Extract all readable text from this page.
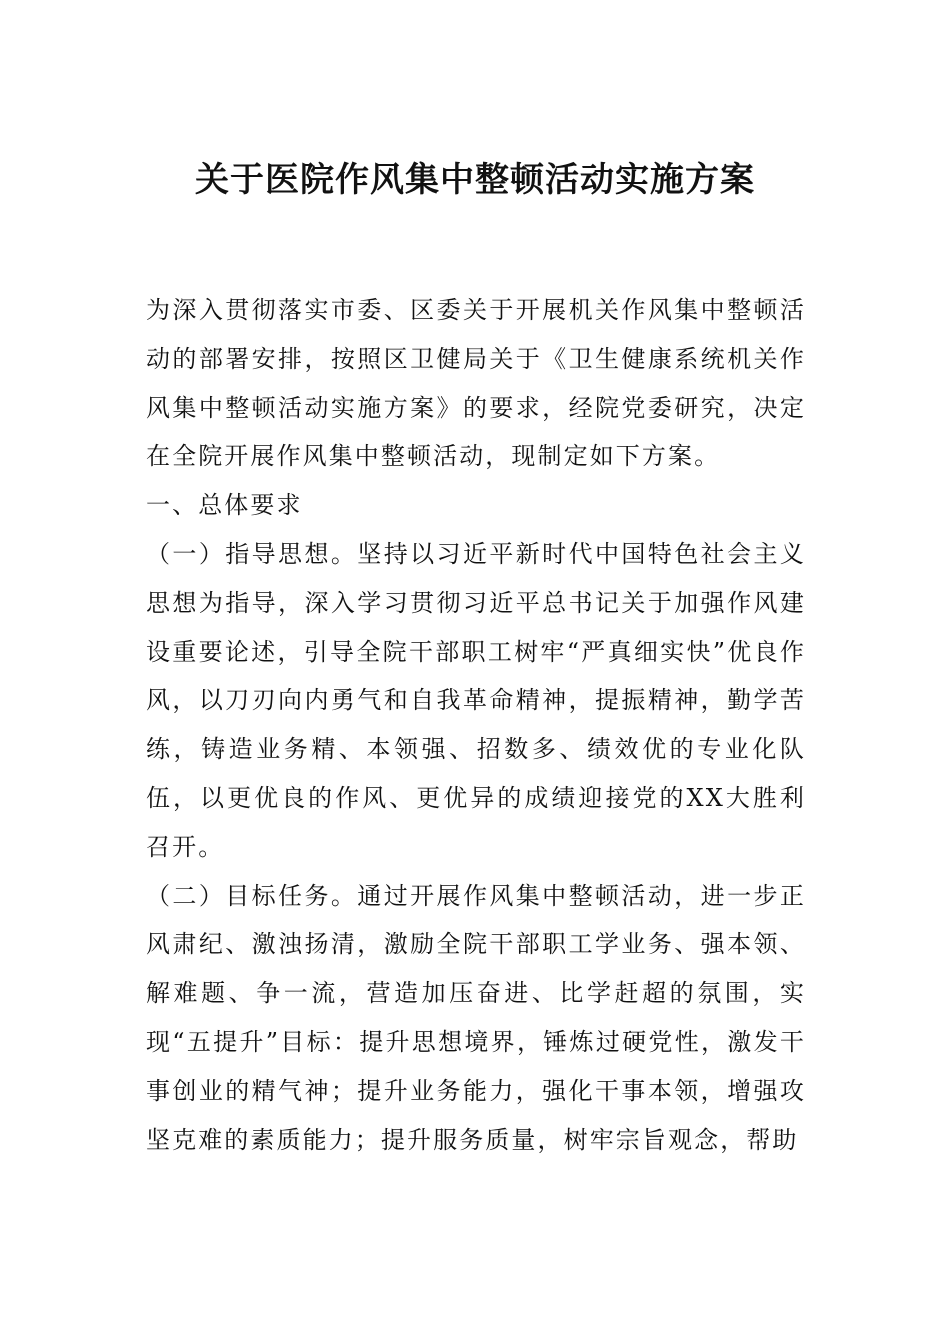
关于医院作风集中整顿活动实施方案

为深入贯彻落实市委、区委关于开展机关作风集中整顿活动的部署安排，按照区卫健局关于《卫生健康系统机关作风集中整顿活动实施方案》的要求，经院党委研究，决定在全院开展作风集中整顿活动，现制定如下方案。

一、总体要求

（一）指导思想。坚持以习近平新时代中国特色社会主义思想为指导，深入学习贯彻习近平总书记关于加强作风建设重要论述，引导全院干部职工树牢“严真细实快”优良作风，以刀刃向内勇气和自我革命精神，提振精神，勤学苦练，铸造业务精、本领强、招数多、绩效优的专业化队伍，以更优良的作风、更优异的成绩迎接党的XX大胜利召开。

（二）目标任务。通过开展作风集中整顿活动，进一步正风肃纪、激浊扬清，激励全院干部职工学业务、强本领、解难题、争一流，营造加压奋进、比学赶超的氛围，实现“五提升”目标：提升思想境界，锤炼过硬党性，激发干事创业的精气神；提升业务能力，强化干事本领，增强攻坚克难的素质能力；提升服务质量，树牢宗旨观念，帮助
